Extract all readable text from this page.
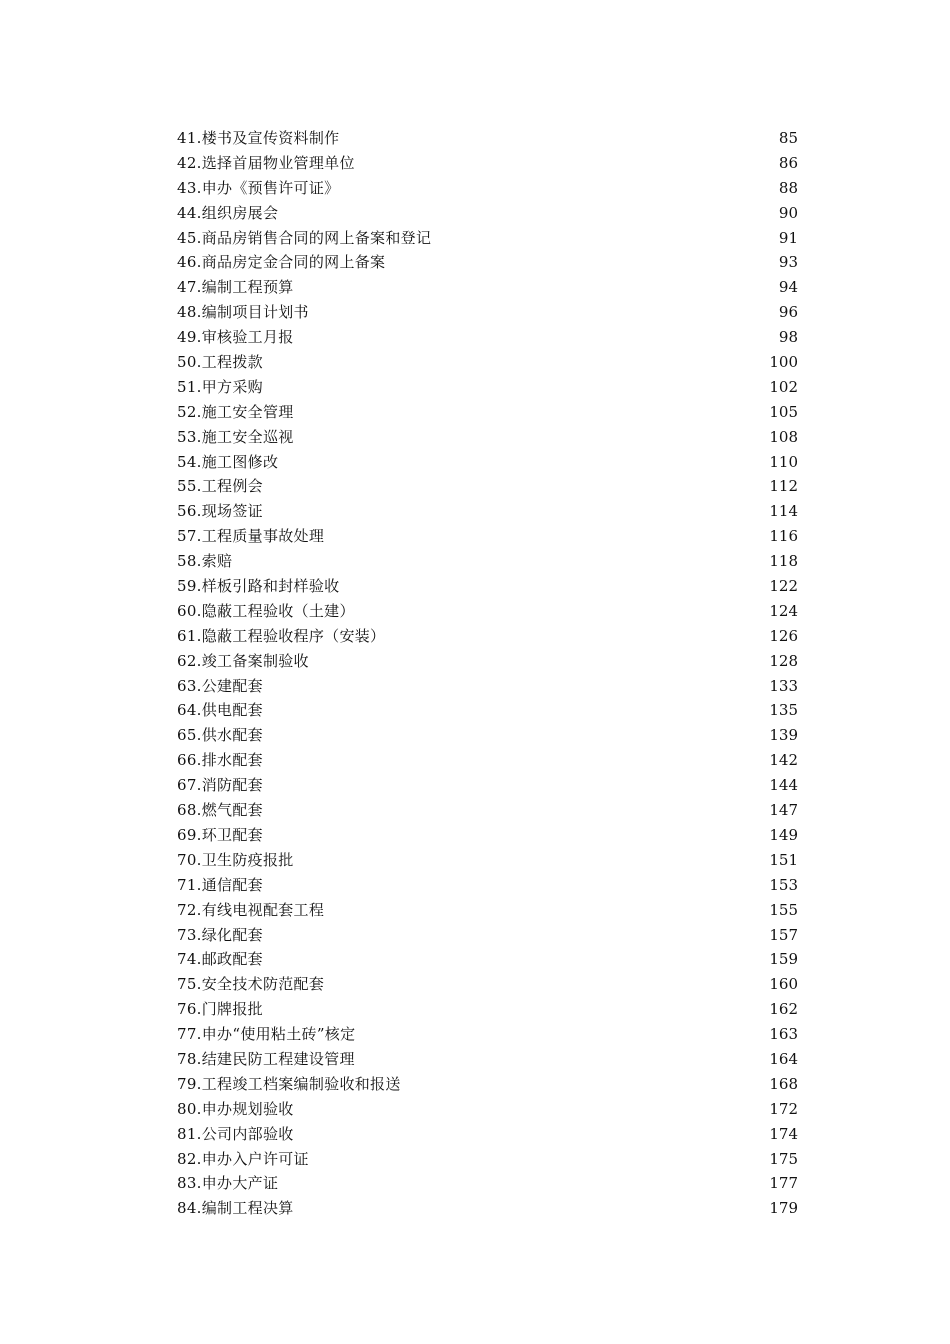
41.楼书及宣传资料制作	85
42.选择首届物业管理单位	86
43.申办《预售许可证》	88
44.组织房展会	90
45.商品房销售合同的网上备案和登记	91
46.商品房定金合同的网上备案	93
47.编制工程预算	94
48.编制项目计划书	96
49.审核验工月报	98
50.工程拨款	100
51.甲方采购	102
52.施工安全管理	105
53.施工安全巡视	108
54.施工图修改	110
55.工程例会	112
56.现场签证	114
57.工程质量事故处理	116
58.索赔	118
59.样板引路和封样验收	122
60.隐蔽工程验收（土建）	124
61.隐蔽工程验收程序（安装）	126
62.竣工备案制验收	128
63.公建配套	133
64.供电配套	135
65.供水配套	139
66.排水配套	142
67.消防配套	144
68.燃气配套	147
69.环卫配套	149
70.卫生防疫报批	151
71.通信配套	153
72.有线电视配套工程	155
73.绿化配套	157
74.邮政配套	159
75.安全技术防范配套	160
76.门牌报批	162
77.申办“使用粘土砖”核定	163
78.结建民防工程建设管理	164
79.工程竣工档案编制验收和报送	168
80.申办规划验收	172
81.公司内部验收	174
82.申办入户许可证	175
83.申办大产证	177
84.编制工程决算	179
